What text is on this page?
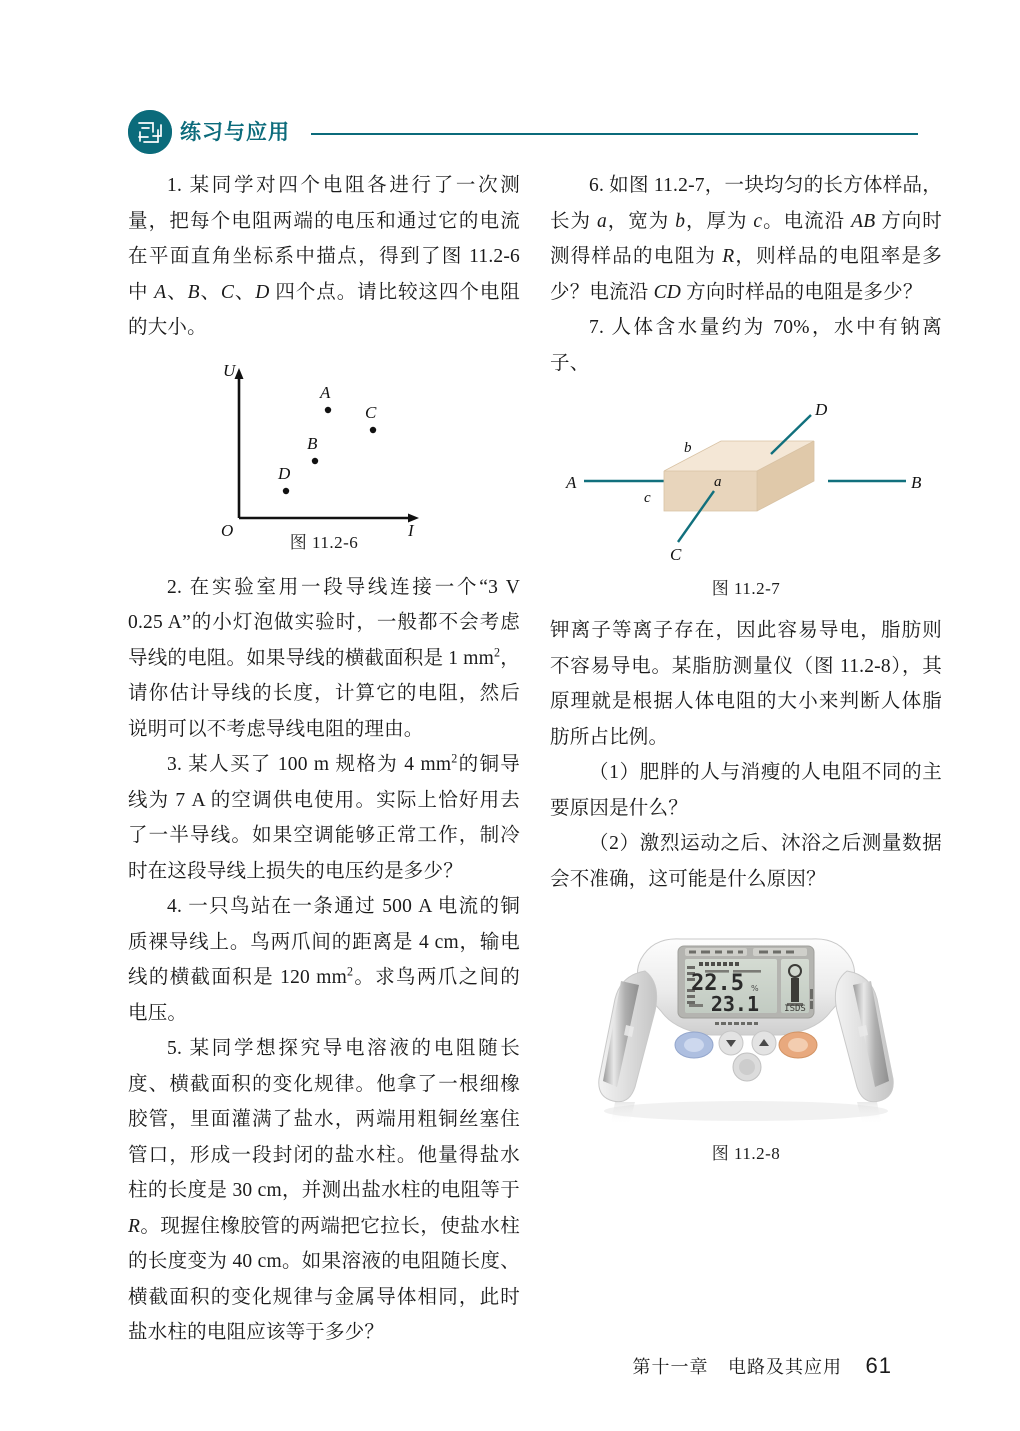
练习与应用

1. 某同学对四个电阻各进行了一次测量，把每个电阻两端的电压和通过它的电流在平面直角坐标系中描点，得到了图 11.2-6 中 A、B、C、D 四个点。请比较这四个电阻的大小。

U
I
O
A
C
B
D
图 11.2-6

2. 在实验室用一段导线连接一个“3 V 0.25 A”的小灯泡做实验时，一般都不会考虑导线的电阻。如果导线的横截面积是 1 $mm^2$，请你估计导线的长度，计算它的电阻，然后说明可以不考虑导线电阻的理由。

3. 某人买了 100 m 规格为 4 $mm^2$的铜导线为 7 A 的空调供电使用。实际上恰好用去了一半导线。如果空调能够正常工作，制冷时在这段导线上损失的电压约是多少？

4. 一只鸟站在一条通过 500 A 电流的铜质裸导线上。鸟两爪间的距离是 4 cm，输电线的横截面积是 120 $mm^2$。求鸟两爪之间的电压。

5. 某同学想探究导电溶液的电阻随长度、横截面积的变化规律。他拿了一根细橡胶管，里面灌满了盐水，两端用粗铜丝塞住管口，形成一段封闭的盐水柱。他量得盐水柱的长度是 30 cm，并测出盐水柱的电阻等于 R。现握住橡胶管的两端把它拉长，使盐水柱的长度变为 40 cm。如果溶液的电阻随长度、横截面积的变化规律与金属导体相同，此时盐水柱的电阻应该等于多少？

6. 如图 11.2-7，一块均匀的长方体样品，长为 a，宽为 b，厚为 c。电流沿 AB 方向时测得样品的电阻为 R，则样品的电阻率是多少？电流沿 CD 方向时样品的电阻是多少？

7. 人体含水量约为 70%，水中有钠离子、

A	B
D
C
b
a
c
图 11.2-7

钾离子等离子存在，因此容易导电，脂肪则不容易导电。某脂肪测量仪（图 11.2-8），其原理就是根据人体电阻的大小来判断人体脂肪所占比例。

（1）肥胖的人与消瘦的人电阻不同的主要原因是什么？

（2）激烈运动之后、沐浴之后测量数据会不准确，这可能是什么原因？

22.5 %
23.1	ISDS
图 11.2-8
第十一章 电路及其应用 61
